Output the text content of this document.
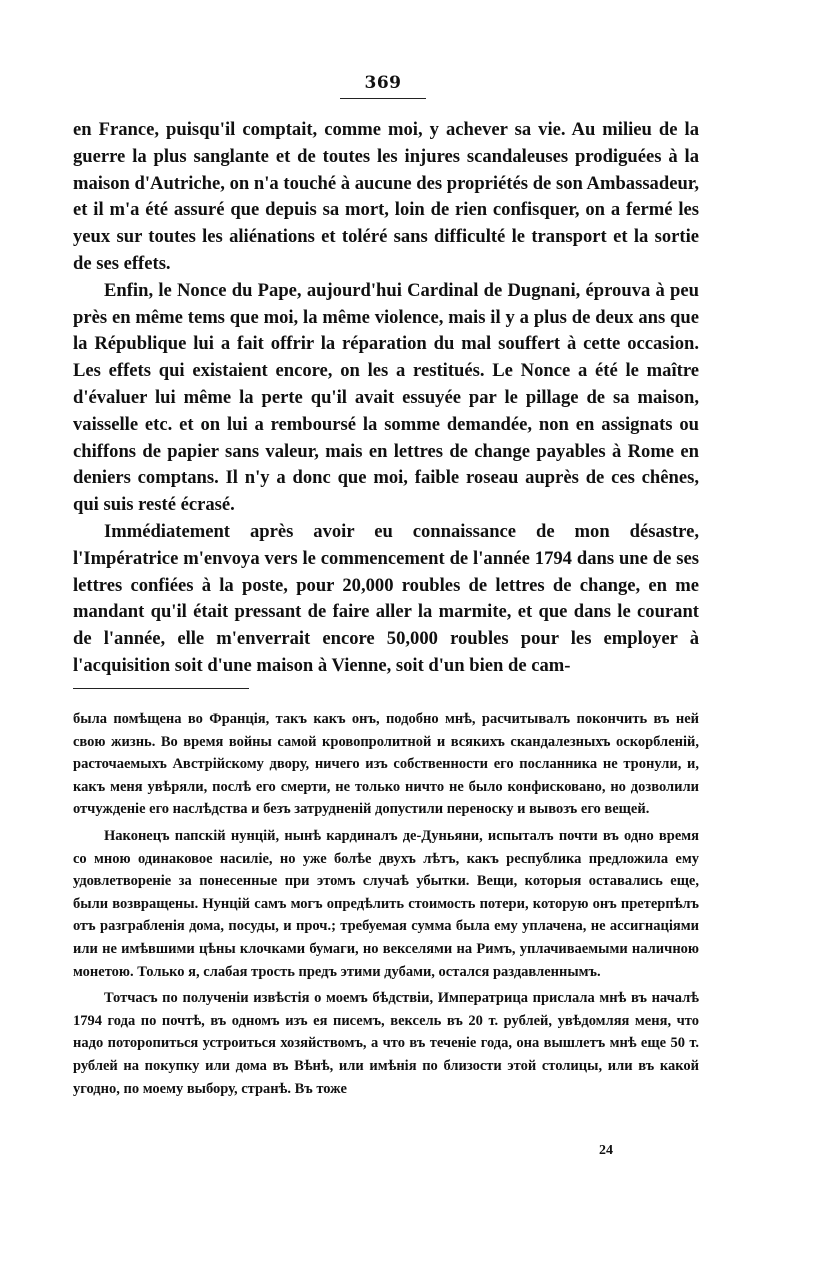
369

en France, puisqu'il comptait, comme moi, y achever sa vie. Au milieu de la guerre la plus sanglante et de toutes les injures scandaleuses prodiguées à la maison d'Autriche, on n'a touché à aucune des propriétés de son Ambassadeur, et il m'a été assuré que depuis sa mort, loin de rien confisquer, on a fermé les yeux sur toutes les aliénations et toléré sans difficulté le transport et la sortie de ses effets.

Enfin, le Nonce du Pape, aujourd'hui Cardinal de Dugnani, éprouva à peu près en même tems que moi, la même violence, mais il y a plus de deux ans que la République lui a fait offrir la réparation du mal souffert à cette occasion. Les effets qui existaient encore, on les a restitués. Le Nonce a été le maître d'évaluer lui même la perte qu'il avait essuyée par le pillage de sa maison, vaisselle etc. et on lui a remboursé la somme demandée, non en assignats ou chiffons de papier sans valeur, mais en lettres de change payables à Rome en deniers comptans. Il n'y a donc que moi, faible roseau auprès de ces chênes, qui suis resté écrasé.

Immédiatement après avoir eu connaissance de mon désastre, l'Impératrice m'envoya vers le commencement de l'année 1794 dans une de ses lettres confiées à la poste, pour 20,000 roubles de lettres de change, en me mandant qu'il était pressant de faire aller la marmite, et que dans le courant de l'année, elle m'enverrait encore 50,000 roubles pour les employer à l'acquisition soit d'une maison à Vienne, soit d'un bien de cam-

была помѣщена во Францiя, такъ какъ онъ, подобно мнѣ, расчитывалъ покончить въ ней свою жизнь. Во время войны самой кровопролитной и всякихъ скандалезныхъ оскорбленiй, расточаемыхъ Австрiйскому двору, ничего изъ собственности его посланника не тронули, и, какъ меня увѣряли, послѣ его смерти, не только ничто не было конфисковано, но дозволили отчужденiе его наслѣдства и безъ затрудненiй допустили переноску и вывозъ его вещей.

Наконецъ папскiй нунцiй, нынѣ кардиналъ де-Дуньяни, испыталъ почти въ одно время со мною одинаковое насилiе, но уже болѣе двухъ лѣтъ, какъ республика предложила ему удовлетворенiе за понесенные при этомъ случаѣ убытки. Вещи, которыя оставались еще, были возвращены. Нунцiй самъ могъ опредѣлить стоимость потери, которую онъ претерпѣлъ отъ разграбленiя дома, посуды, и проч.; требуемая сумма была ему уплачена, не ассигнацiями или не имѣвшими цѣны клочками бумаги, но векселями на Римъ, уплачиваемыми наличною монетою. Только я, слабая трость предъ этими дубами, остался раздавленнымъ.

Тотчасъ по полученiи извѣстiя о моемъ бѣдствiи, Императрица прислала мнѣ въ началѣ 1794 года по почтѣ, въ одномъ изъ ея писемъ, вексель въ 20 т. рублей, увѣдомляя меня, что надо поторопиться устроиться хозяйствомъ, а что въ теченiе года, она вышлетъ мнѣ еще 50 т. рублей на покупку или дома въ Вѣнѣ, или имѣнiя по близости этой столицы, или въ какой угодно, по моему выбору, странѣ. Въ тоже

24
